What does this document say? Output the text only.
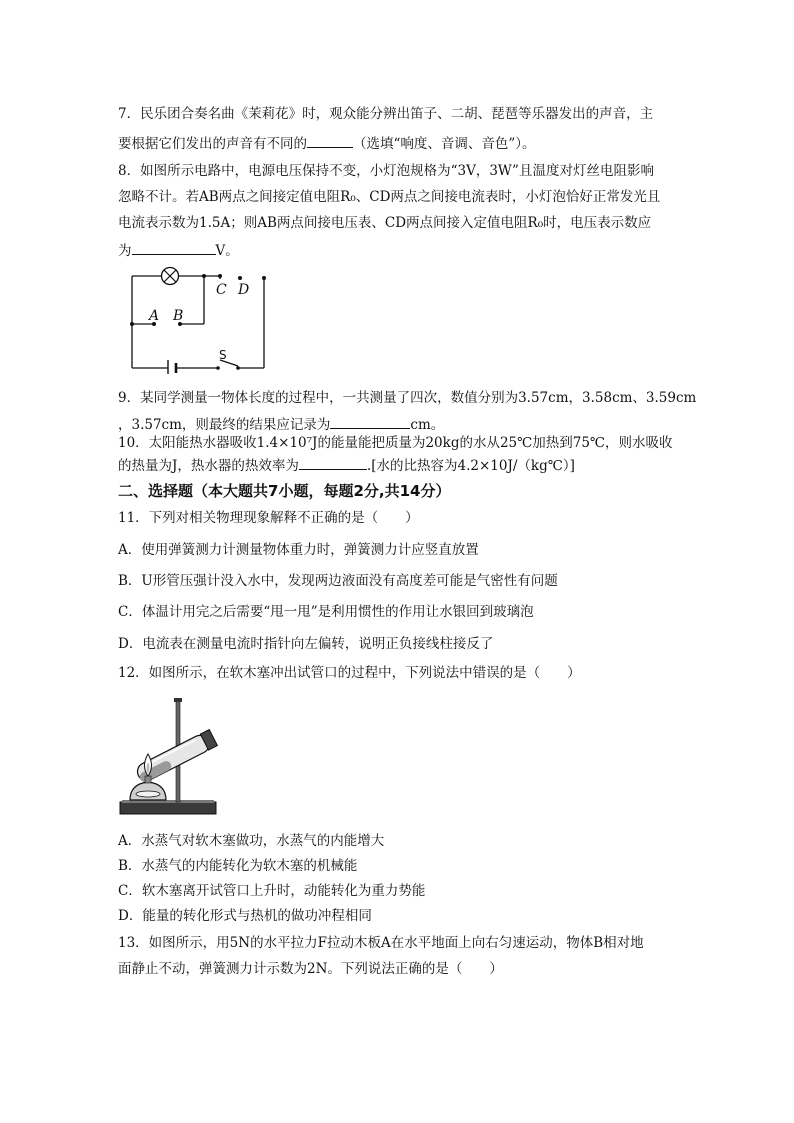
7．民乐团合奏名曲《茉莉花》时，观众能分辨出笛子、二胡、琵琶等乐器发出的声音，主
要根据它们发出的声音有不同的	（选填“响度、音调、音色”）。
8．如图所示电路中，电源电压保持不变，小灯泡规格为“3V，3W”且温度对灯丝电阻影响
忽略不计。若AB两点之间接定值电阻R₀、CD两点之间接电流表时，小灯泡恰好正常发光且
电流表示数为1.5A；则AB两点间接电压表、CD两点间接入定值电阻R₀时，电压表示数应
为	V。
C D
A B
S
9．某同学测量一物体长度的过程中，一共测量了四次，数值分别为3.57cm，3.58cm、3.59cm
，3.57cm，则最终的结果应记录为	cm。
10．太阳能热水器吸收1.4×10⁷J的能量能把质量为20kg的水从25℃加热到75℃，则水吸收
的热量为J，热水器的热效率为	.[水的比热容为4.2×10J/（kg℃）]
二、选择题（本大题共7小题，每题2分,共14分）
11．下列对相关物理现象解释不正确的是（　　）
A．使用弹簧测力计测量物体重力时，弹簧测力计应竖直放置
B．U形管压强计没入水中，发现两边液面没有高度差可能是气密性有问题
C．体温计用完之后需要“甩一甩”是利用惯性的作用让水银回到玻璃泡
D．电流表在测量电流时指针向左偏转，说明正负接线柱接反了
12．如图所示，在软木塞冲出试管口的过程中，下列说法中错误的是（　　）
A．水蒸气对软木塞做功，水蒸气的内能增大
B．水蒸气的内能转化为软木塞的机械能
C．软木塞离开试管口上升时，动能转化为重力势能
D．能量的转化形式与热机的做功冲程相同
13．如图所示，用5N的水平拉力F拉动木板A在水平地面上向右匀速运动，物体B相对地
面静止不动，弹簧测力计示数为2N。下列说法正确的是（　　）
